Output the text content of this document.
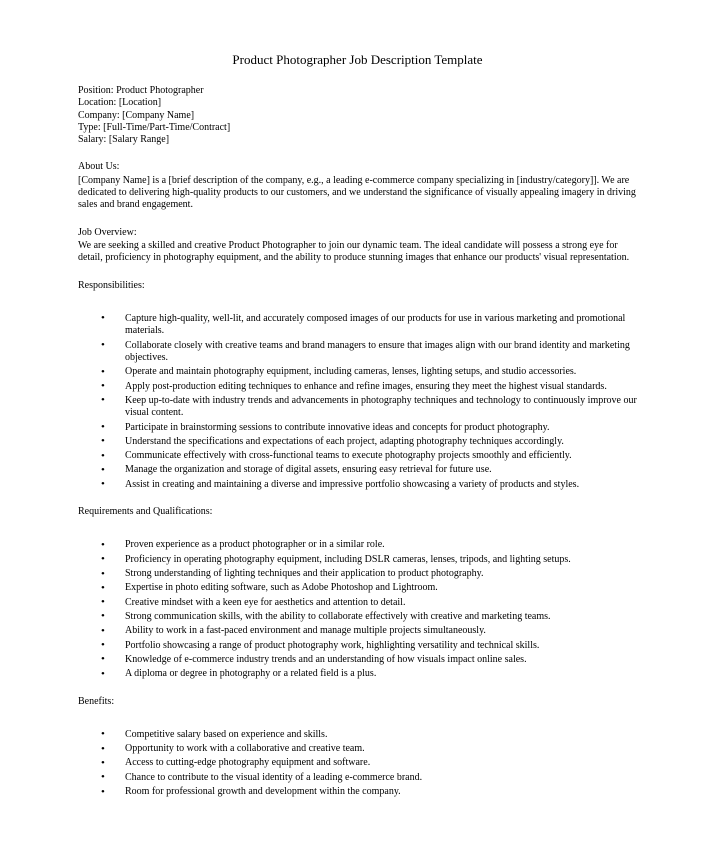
Product Photographer Job Description Template
Position: Product Photographer
Location: [Location]
Company: [Company Name]
Type: [Full-Time/Part-Time/Contract]
Salary: [Salary Range]
About Us:

[Company Name] is a [brief description of the company, e.g., a leading e-commerce company specializing in [industry/category]]. We are dedicated to delivering high-quality products to our customers, and we understand the significance of visually appealing imagery in driving sales and brand engagement.

Job Overview:

We are seeking a skilled and creative Product Photographer to join our dynamic team. The ideal candidate will possess a strong eye for detail, proficiency in photography equipment, and the ability to produce stunning images that enhance our products' visual representation.

Responsibilities:
• Capture high-quality, well-lit, and accurately composed images of our products for use in various marketing and promotional materials.
• Collaborate closely with creative teams and brand managers to ensure that images align with our brand identity and marketing objectives.
• Operate and maintain photography equipment, including cameras, lenses, lighting setups, and studio accessories.
• Apply post-production editing techniques to enhance and refine images, ensuring they meet the highest visual standards.
• Keep up-to-date with industry trends and advancements in photography techniques and technology to continuously improve our visual content.
• Participate in brainstorming sessions to contribute innovative ideas and concepts for product photography.
• Understand the specifications and expectations of each project, adapting photography techniques accordingly.
• Communicate effectively with cross-functional teams to execute photography projects smoothly and efficiently.
• Manage the organization and storage of digital assets, ensuring easy retrieval for future use.
• Assist in creating and maintaining a diverse and impressive portfolio showcasing a variety of products and styles.
Requirements and Qualifications:
• Proven experience as a product photographer or in a similar role.
• Proficiency in operating photography equipment, including DSLR cameras, lenses, tripods, and lighting setups.
• Strong understanding of lighting techniques and their application to product photography.
• Expertise in photo editing software, such as Adobe Photoshop and Lightroom.
• Creative mindset with a keen eye for aesthetics and attention to detail.
• Strong communication skills, with the ability to collaborate effectively with creative and marketing teams.
• Ability to work in a fast-paced environment and manage multiple projects simultaneously.
• Portfolio showcasing a range of product photography work, highlighting versatility and technical skills.
• Knowledge of e-commerce industry trends and an understanding of how visuals impact online sales.
• A diploma or degree in photography or a related field is a plus.
Benefits:
• Competitive salary based on experience and skills.
• Opportunity to work with a collaborative and creative team.
• Access to cutting-edge photography equipment and software.
• Chance to contribute to the visual identity of a leading e-commerce brand.
• Room for professional growth and development within the company.
